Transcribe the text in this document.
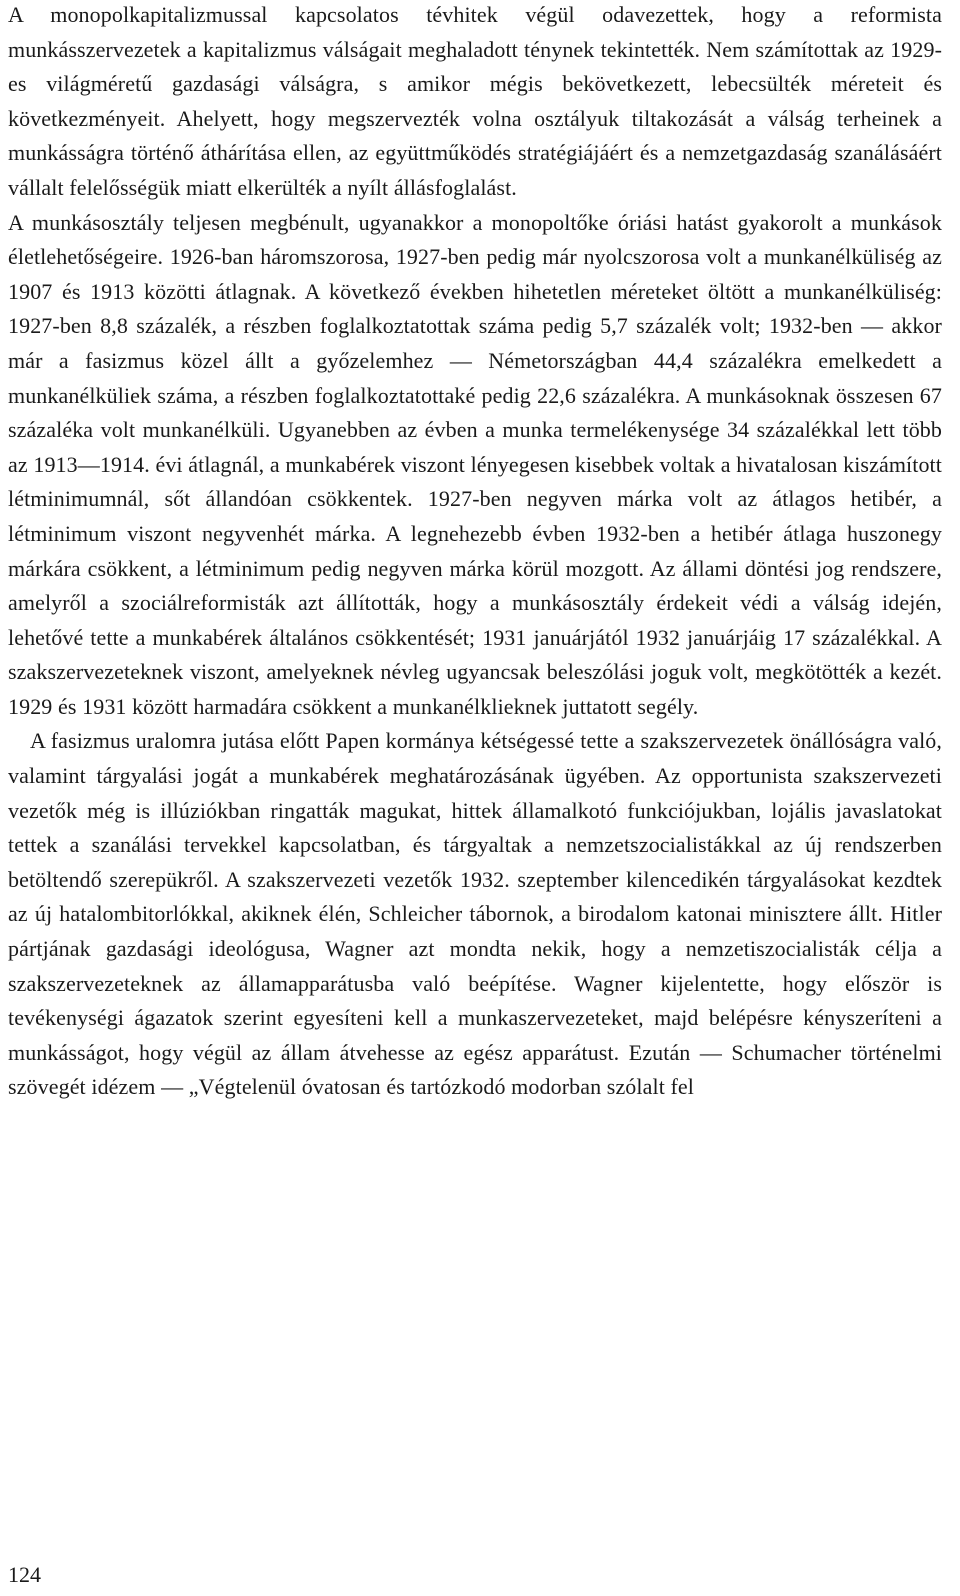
A monopolkapitalizmussal kapcsolatos tévhitek végül odavezettek, hogy a reformista munkásszervezetek a kapitalizmus válságait meghaladott ténynek tekintették. Nem számítottak az 1929-es világméretű gazdasági válságra, s amikor mégis bekövetkezett, lebecsülték méreteit és következményeit. Ahelyett, hogy megszervezték volna osztályuk tiltakozását a válság terheinek a munkásságra történő áthárítása ellen, az együttműködés stratégiájáért és a nemzetgazdaság szanálásáért vállalt felelősségük miatt elkerülték a nyílt állásfoglalást.

A munkásosztály teljesen megbénult, ugyanakkor a monopoltőke óriási hatást gyakorolt a munkások életlehetőségeire. 1926-ban háromszorosa, 1927-ben pedig már nyolcszorosa volt a munkanélküliség az 1907 és 1913 közötti átlagnak. A következő években hihetetlen méreteket öltött a munkanélküliség: 1927-ben 8,8 százalék, a részben foglalkoztatottak száma pedig 5,7 százalék volt; 1932-ben — akkor már a fasizmus közel állt a győzelemhez — Németországban 44,4 százalékra emelkedett a munkanélküliek száma, a részben foglalkoztatottaké pedig 22,6 százalékra. A munkásoknak összesen 67 százaléka volt munkanélküli. Ugyanebben az évben a munka termelékenysége 34 százalékkal lett több az 1913—1914. évi átlagnál, a munkabérek viszont lényegesen kisebbek voltak a hivatalosan kiszámított létminimumnál, sőt állandóan csökkentek. 1927-ben negyven márka volt az átlagos hetibér, a létminimum viszont negyvenhét márka. A legnehezebb évben 1932-ben a hetibér átlaga huszonegy márkára csökkent, a létminimum pedig negyven márka körül mozgott. Az állami döntési jog rendszere, amelyről a szociálreformisták azt állították, hogy a munkásosztály érdekeit védi a válság idején, lehetővé tette a munkabérek általános csökkentését; 1931 januárjától 1932 januárjáig 17 százalékkal. A szakszervezeteknek viszont, amelyeknek névleg ugyancsak beleszólási joguk volt, megkötötték a kezét. 1929 és 1931 között harmadára csökkent a munkanélklieknek juttatott segély.

A fasizmus uralomra jutása előtt Papen kormánya kétségessé tette a szakszervezetek önállóságra való, valamint tárgyalási jogát a munkabérek meghatározásának ügyében. Az opportunista szakszervezeti vezetők még is illúziókban ringatták magukat, hittek államalkotó funkciójukban, lojális javaslatokat tettek a szanálási tervekkel kapcsolatban, és tárgyaltak a nemzetszocialistákkal az új rendszerben betöltendő szerepükről. A szakszervezeti vezetők 1932. szeptember kilencedikén tárgyalásokat kezdtek az új hatalombitorlókkal, akiknek élén, Schleicher tábornok, a birodalom katonai minisztere állt. Hitler pártjának gazdasági ideológusa, Wagner azt mondta nekik, hogy a nemzetiszocialisták célja a szakszervezeteknek az államapparátusba való beépítése. Wagner kijelentette, hogy először is tevékenységi ágazatok szerint egyesíteni kell a munkaszervezeteket, majd belépésre kényszeríteni a munkásságot, hogy végül az állam átvehesse az egész apparátust. Ezután — Schumacher történelmi szövegét idézem — „Végtelenül óvatosan és tartózkodó modorban szólalt fel

124
